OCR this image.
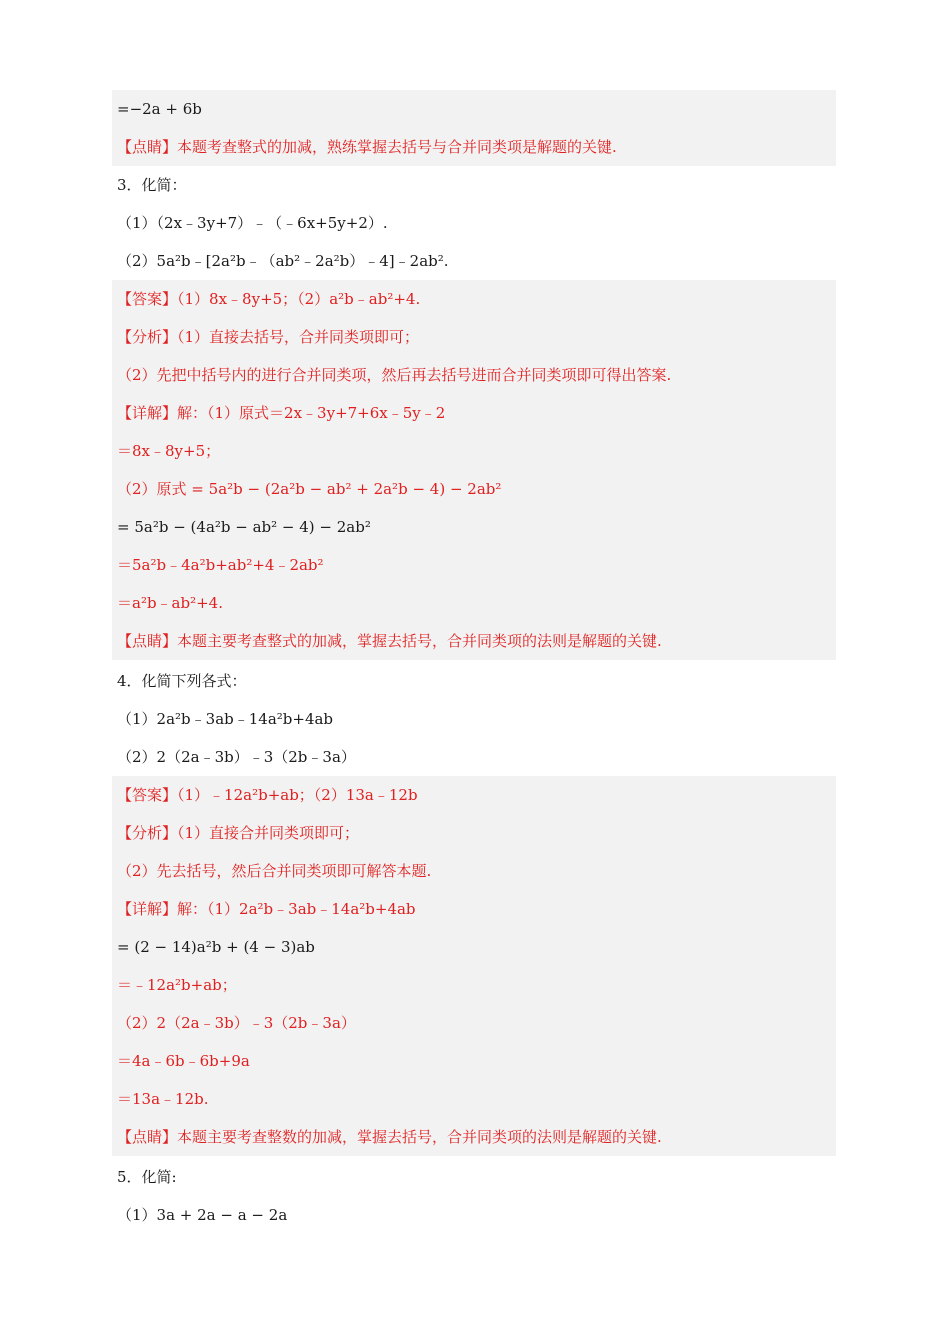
=−2a + 6b
【点睛】本题考查整式的加减，熟练掌握去括号与合并同类项是解题的关键.
3．化简：
（1）（2x﹣3y+7）﹣（﹣6x+5y+2）.
（2）5a²b﹣[2a²b﹣（ab²﹣2a²b）﹣4]﹣2ab².
【答案】（1）8x﹣8y+5；（2）a²b﹣ab²+4.
【分析】（1）直接去括号，合并同类项即可；
（2）先把中括号内的进行合并同类项，然后再去括号进而合并同类项即可得出答案.
【详解】解：（1）原式＝2x﹣3y+7+6x﹣5y﹣2
＝8x﹣8y+5；
（2）原式 = 5a²b − (2a²b − ab² + 2a²b − 4) − 2ab²
= 5a²b − (4a²b − ab² − 4) − 2ab²
＝5a²b﹣4a²b+ab²+4﹣2ab²
＝a²b﹣ab²+4.
【点睛】本题主要考查整式的加减，掌握去括号，合并同类项的法则是解题的关键.
4．化简下列各式：
（1）2a²b﹣3ab﹣14a²b+4ab
（2）2（2a﹣3b）﹣3（2b﹣3a）
【答案】（1）﹣12a²b+ab；（2）13a﹣12b
【分析】（1）直接合并同类项即可；
（2）先去括号，然后合并同类项即可解答本题.
【详解】解：（1）2a²b﹣3ab﹣14a²b+4ab
= (2 − 14)a²b + (4 − 3)ab
＝﹣12a²b+ab；
（2）2（2a﹣3b）﹣3（2b﹣3a）
＝4a﹣6b﹣6b+9a
＝13a﹣12b.
【点睛】本题主要考查整数的加减，掌握去括号，合并同类项的法则是解题的关键.
5．化简:
（1）3a + 2a − a − 2a
